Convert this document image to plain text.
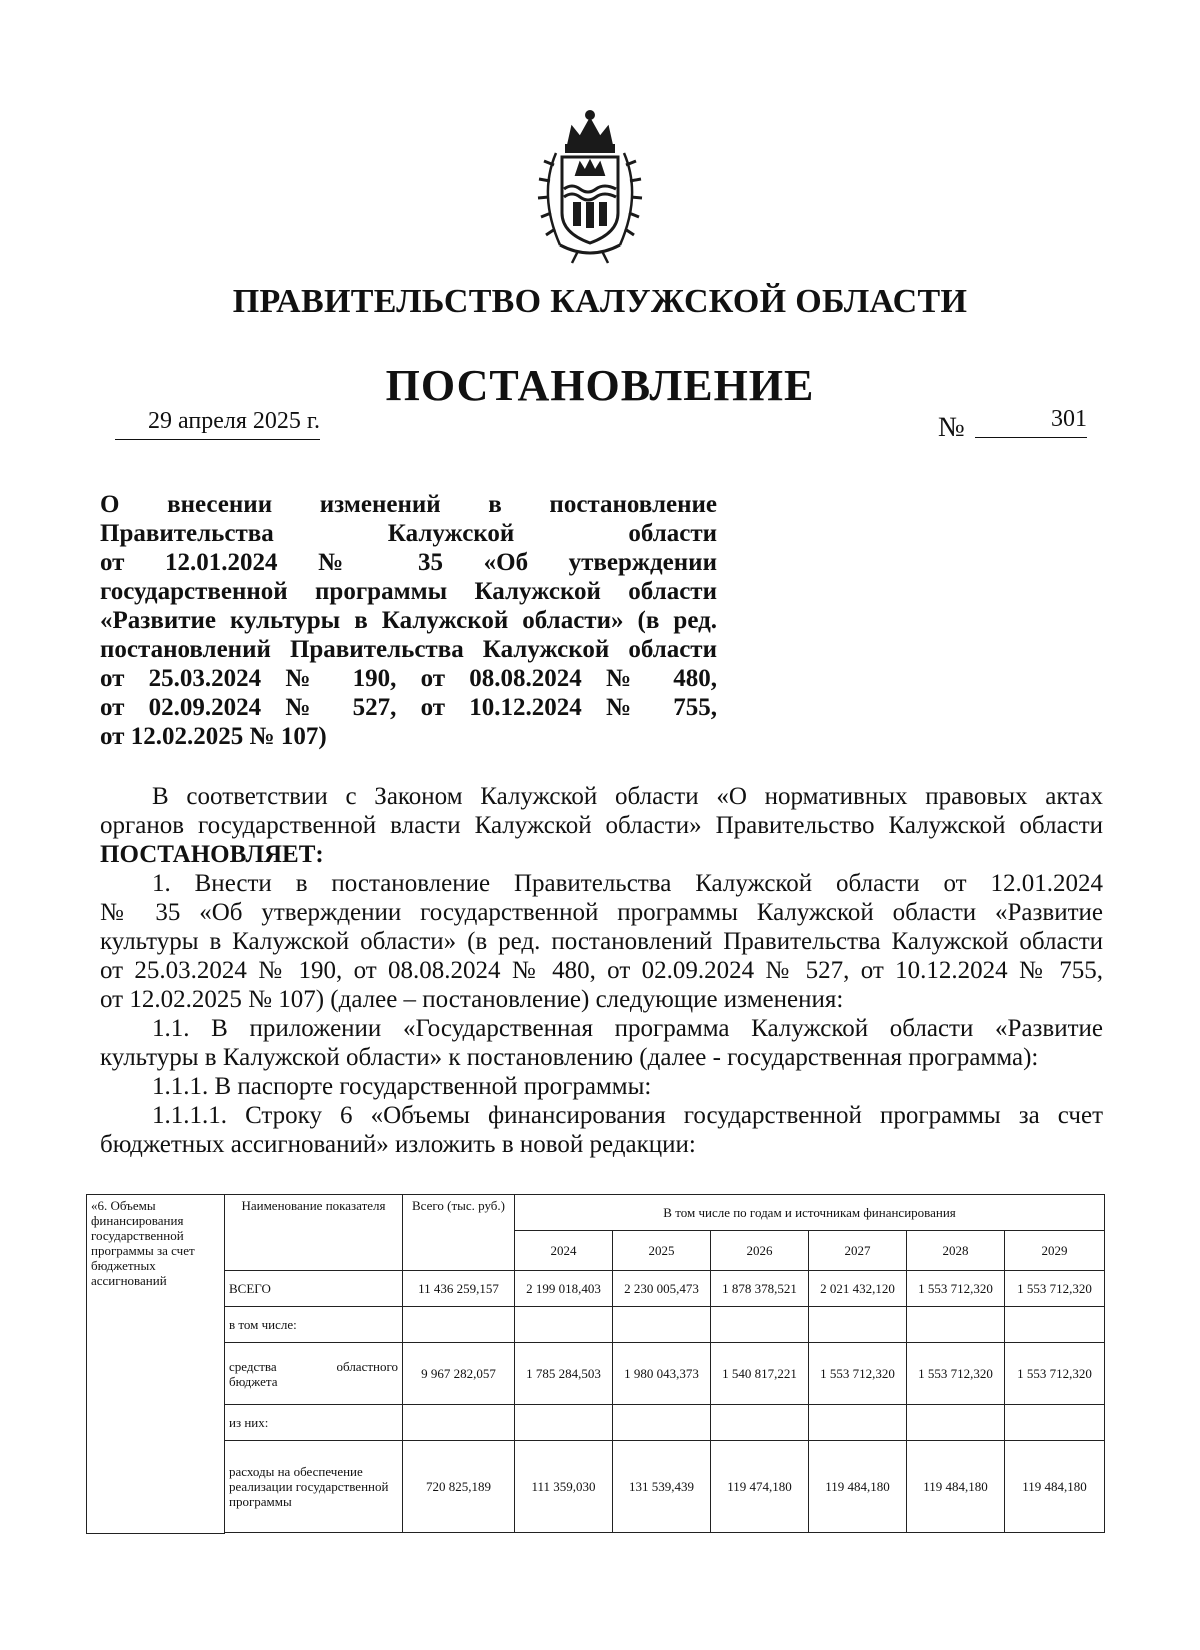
ПРАВИТЕЛЬСТВО КАЛУЖСКОЙ ОБЛАСТИ
ПОСТАНОВЛЕНИЕ
29 апреля 2025 г.	№	301
О внесении изменений в постановление
Правительства Калужской области
от 12.01.2024 № 35 «Об утверждении
государственной программы Калужской области
«Развитие культуры в Калужской области» (в ред.
постановлений Правительства Калужской области
от 25.03.2024 № 190, от 08.08.2024 № 480,
от 02.09.2024 № 527, от 10.12.2024 № 755,
от 12.02.2025 № 107)
В соответствии с Законом Калужской области «О нормативных правовых актах
органов государственной власти Калужской области» Правительство Калужской области
ПОСТАНОВЛЯЕТ:
1. Внести в постановление Правительства Калужской области от 12.01.2024
№ 35 «Об утверждении государственной программы Калужской области «Развитие
культуры в Калужской области» (в ред. постановлений Правительства Калужской области
от 25.03.2024 № 190, от 08.08.2024 № 480, от 02.09.2024 № 527, от 10.12.2024 № 755,
от 12.02.2025 № 107) (далее – постановление) следующие изменения:
1.1. В приложении «Государственная программа Калужской области «Развитие
культуры в Калужской области» к постановлению (далее - государственная программа):
1.1.1. В паспорте государственной программы:
1.1.1.1. Строку 6 «Объемы финансирования государственной программы за счет
бюджетных ассигнований» изложить в новой редакции:
«6. Объемы финансирования государственной программы за счет бюджетных ассигнований	Наименование показателя	Всего (тыс. руб.)	В том числе по годам и источникам финансирования					
			2024	2025	2026	2027	2028	2029
	ВСЕГО	11 436 259,157	2 199 018,403	2 230 005,473	1 878 378,521	2 021 432,120	1 553 712,320	1 553 712,320
	в том числе:							

	средства областного
бюджета	9 967 282,057	1 785 284,503	1 980 043,373	1 540 817,221	1 553 712,320	1 553 712,320	1 553 712,320
	из них:							
	расходы на обеспечение реализации государственной программы	720 825,189	111 359,030	131 539,439	119 474,180	119 484,180	119 484,180	119 484,180
